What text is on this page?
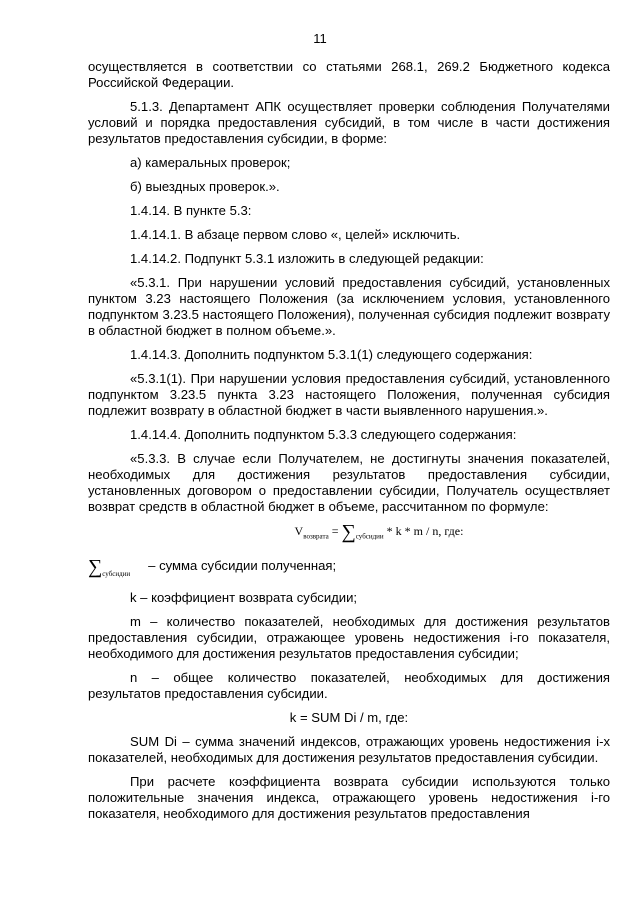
11

осуществляется в соответствии со статьями 268.1, 269.2 Бюджетного кодекса Российской Федерации.

5.1.3. Департамент АПК осуществляет проверки соблюдения Получателями условий и порядка предоставления субсидий, в том числе в части достижения результатов предоставления субсидии, в форме:

а) камеральных проверок;

б) выездных проверок.».

1.4.14. В пункте 5.3:

1.4.14.1. В абзаце первом слово «, целей» исключить.

1.4.14.2. Подпункт 5.3.1 изложить в следующей редакции:

«5.3.1. При нарушении условий предоставления субсидий, установленных пунктом 3.23 настоящего Положения (за исключением условия, установленного подпунктом 3.23.5 настоящего Положения), полученная субсидия подлежит возврату в областной бюджет в полном объеме.».

1.4.14.3. Дополнить подпунктом 5.3.1(1) следующего содержания:

«5.3.1(1). При нарушении условия предоставления субсидий, установленного подпунктом 3.23.5 пункта 3.23 настоящего Положения, полученная субсидия подлежит возврату в областной бюджет в части выявленного нарушения.».

1.4.14.4. Дополнить подпунктом 5.3.3 следующего содержания:

«5.3.3. В случае если Получателем, не достигнуты значения показателей, необходимых для достижения результатов предоставления субсидии, установленных договором о предоставлении субсидии, Получатель осуществляет возврат средств в областной бюджет в объеме, рассчитанном по формуле:

$V_{возврата} = \sum_{субсидии} * k * m / n$, где:

$\sum_{субсидии}-$ сумма субсидии полученная;

k – коэффициент возврата субсидии;

m – количество показателей, необходимых для достижения результатов предоставления субсидии, отражающее уровень недостижения i-го показателя, необходимого для достижения результатов предоставления субсидии;

n – общее количество показателей, необходимых для достижения результатов предоставления субсидии.

k = SUM Di / m, где:

SUM Di – сумма значений индексов, отражающих уровень недостижения i-х показателей, необходимых для достижения результатов предоставления субсидии.

При расчете коэффициента возврата субсидии используются только положительные значения индекса, отражающего уровень недостижения i-го показателя, необходимого для достижения результатов предоставления
